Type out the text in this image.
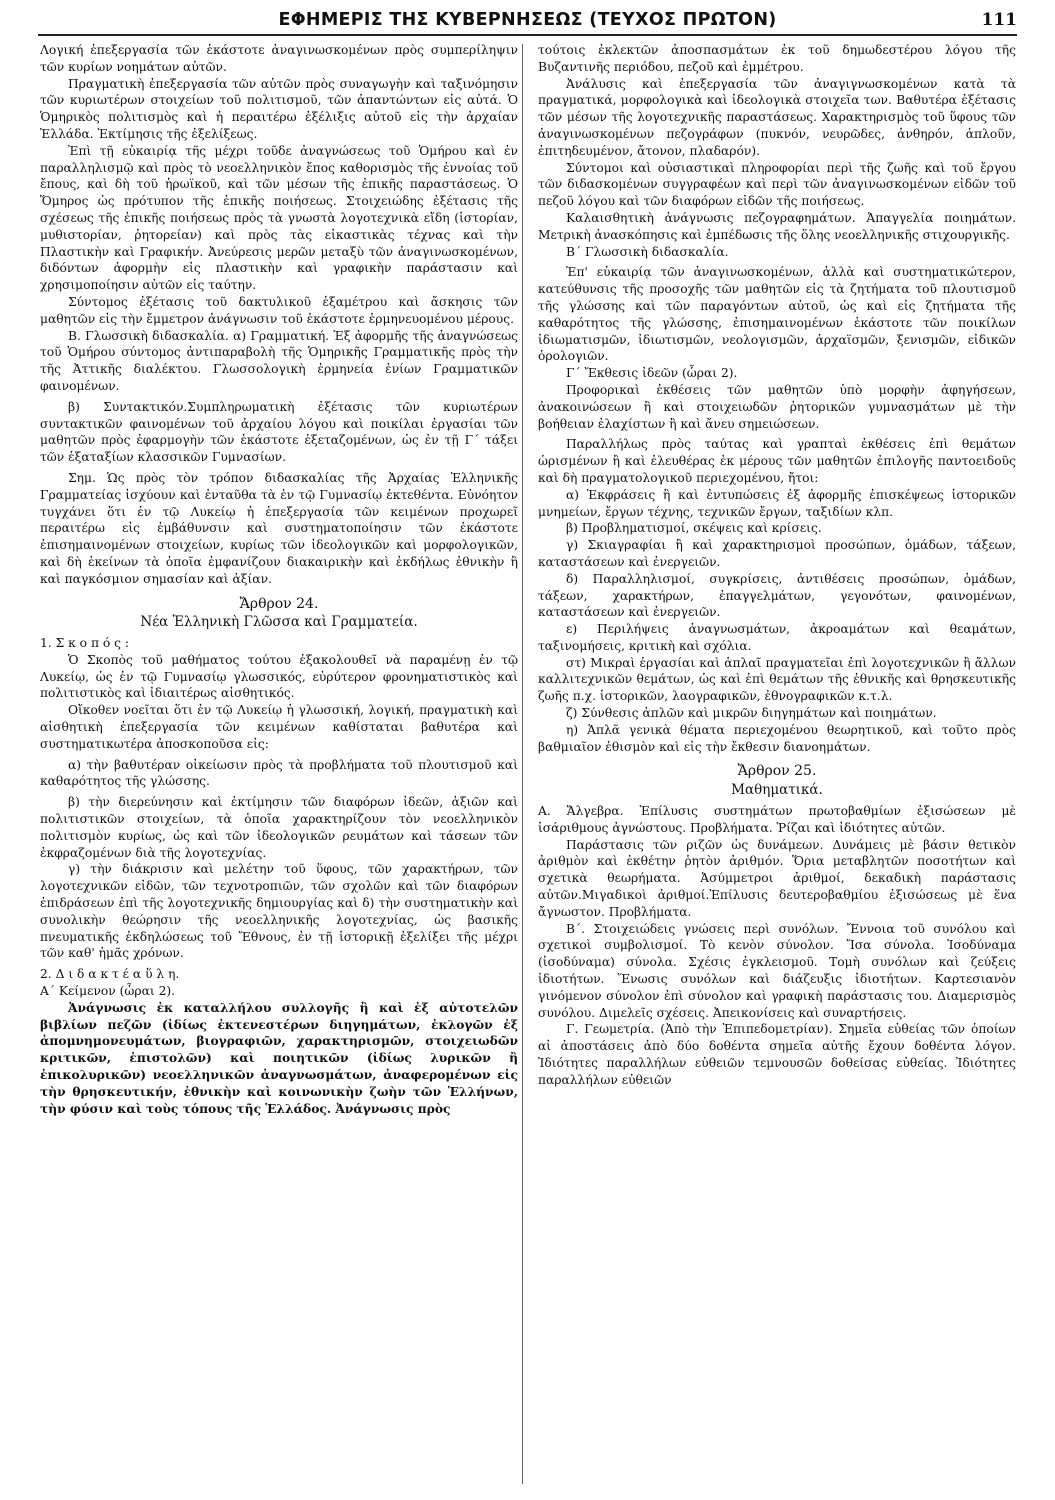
ΕΦΗΜΕΡΙΣ ΤΗΣ ΚΥΒΕΡΝΗΣΕΩΣ (ΤΕΥΧΟΣ ΠΡΩΤΟΝ)	111

Λογική ἐπεξεργασία τῶν ἑκάστοτε ἀναγινωσκομένων πρὸς συμπερίληψιν τῶν κυρίων νοημάτων αὐτῶν.

Πραγματικὴ ἐπεξεργασία τῶν αὐτῶν πρὸς συναγωγὴν καὶ ταξινόμησιν τῶν κυριωτέρων στοιχείων τοῦ πολιτισμοῦ, τῶν ἀπαντώντων εἰς αὐτά. Ὁ Ὁμηρικὸς πολιτισμὸς καὶ ἡ περαιτέρω ἐξέλιξις αὐτοῦ εἰς τὴν ἀρχαίαν Ἑλλάδα. Ἐκτίμησις τῆς ἐξελίξεως.

Ἐπὶ τῇ εὐκαιρίᾳ τῆς μέχρι τοῦδε ἀναγνώσεως τοῦ Ὁμήρου καὶ ἐν παραλληλισμῷ καὶ πρὸς τὸ νεοελληνικὸν ἔπος καθορισμὸς τῆς ἐννοίας τοῦ ἔπους, καὶ δὴ τοῦ ἡρωϊκοῦ, καὶ τῶν μέσων τῆς ἐπικῆς παραστάσεως. Ὁ Ὅμηρος ὡς πρότυπον τῆς ἐπικῆς ποιήσεως. Στοιχειώδης ἐξέτασις τῆς σχέσεως τῆς ἐπικῆς ποιήσεως πρὸς τὰ γνωστὰ λογοτεχνικὰ εἴδη (ἱστορίαν, μυθιστορίαν, ῥητορείαν) καὶ πρὸς τὰς εἰκαστικὰς τέχνας καὶ τὴν Πλαστικὴν καὶ Γραφικήν. Ἀνεύρεσις μερῶν μεταξὺ τῶν ἀναγινωσκομένων, διδόντων ἀφορμὴν εἰς πλαστικὴν καὶ γραφικὴν παράστασιν καὶ χρησιμοποίησιν αὐτῶν εἰς ταύτην.

Σύντομος ἐξέτασις τοῦ δακτυλικοῦ ἑξαμέτρου καὶ ἄσκησις τῶν μαθητῶν εἰς τὴν ἔμμετρον ἀνάγνωσιν τοῦ ἑκάστοτε ἑρμηνευομένου μέρους.

Β. Γλωσσικὴ διδασκαλία. α) Γραμματική. Ἐξ ἀφορμῆς τῆς ἀναγνώσεως τοῦ Ὁμήρου σύντομος ἀντιπαραβολὴ τῆς Ὁμηρικῆς Γραμματικῆς πρὸς τὴν τῆς Ἀττικῆς διαλέκτου. Γλωσσολογικὴ ἑρμηνεία ἐνίων Γραμματικῶν φαινομένων.

β) Συντακτικόν.Συμπληρωματικὴ ἐξέτασις τῶν κυριωτέρων συντακτικῶν φαινομένων τοῦ ἀρχαίου λόγου καὶ ποικίλαι ἐργασίαι τῶν μαθητῶν πρὸς ἐφαρμογὴν τῶν ἑκάστοτε ἐξεταζομένων, ὡς ἐν τῇ Γ΄ τάξει τῶν ἑξαταξίων κλασσικῶν Γυμνασίων.

Σημ. Ὡς πρὸς τὸν τρόπον διδασκαλίας τῆς Ἀρχαίας Ἑλληνικῆς Γραμματείας ἰσχύουν καὶ ἐνταῦθα τὰ ἐν τῷ Γυμνασίῳ ἐκτεθέντα. Εὐνόητον τυγχάνει ὅτι ἐν τῷ Λυκείῳ ἡ ἐπεξεργασία τῶν κειμένων προχωρεῖ περαιτέρω εἰς ἐμβάθυνσιν καὶ συστηματοποίησιν τῶν ἑκάστοτε ἐπισημαινομένων στοιχείων, κυρίως τῶν ἰδεολογικῶν καὶ μορφολογικῶν, καὶ δὴ ἐκείνων τὰ ὁποῖα ἐμφανίζουν διακαιρικὴν καὶ ἐκδήλως ἐθνικὴν ἢ καὶ παγκόσμιον σημασίαν καὶ ἀξίαν.

Ἄρθρον 24.

Νέα Ἑλληνικὴ Γλῶσσα καὶ Γραμματεία.

1. Σ κ ο π ό ς :

Ὁ Σκοπὸς τοῦ μαθήματος τούτου ἐξακολουθεῖ νὰ παραμένῃ ἐν τῷ Λυκείῳ, ὡς ἐν τῷ Γυμνασίῳ γλωσσικός, εὐρύτερον φρονηματιστικὸς καὶ πολιτιστικὸς καὶ ἰδιαιτέρως αἰσθητικός.

Οἴκοθεν νοεῖται ὅτι ἐν τῷ Λυκείῳ ἡ γλωσσική, λογική, πραγματικὴ καὶ αἰσθητικὴ ἐπεξεργασία τῶν κειμένων καθίσταται βαθυτέρα καὶ συστηματικωτέρα ἀποσκοποῦσα εἰς:

α) τὴν βαθυτέραν οἰκείωσιν πρὸς τὰ προβλήματα τοῦ πλουτισμοῦ καὶ καθαρότητος τῆς γλώσσης.

β) τὴν διερεύνησιν καὶ ἐκτίμησιν τῶν διαφόρων ἰδεῶν, ἀξιῶν καὶ πολιτιστικῶν στοιχείων, τὰ ὁποῖα χαρακτηρίζουν τὸν νεοελληνικὸν πολιτισμὸν κυρίως, ὡς καὶ τῶν ἰδεολογικῶν ρευμάτων καὶ τάσεων τῶν ἐκφραζομένων διὰ τῆς λογοτεχνίας.

γ) τὴν διάκρισιν καὶ μελέτην τοῦ ὕφους, τῶν χαρακτήρων, τῶν λογοτεχνικῶν εἰδῶν, τῶν τεχνοτροπιῶν, τῶν σχολῶν καὶ τῶν διαφόρων ἐπιδράσεων ἐπὶ τῆς λογοτεχνικῆς δημιουργίας καὶ δ) τὴν συστηματικὴν καὶ συνολικὴν θεώρησιν τῆς νεοελληνικῆς λογοτεχνίας, ὡς βασικῆς πνευματικῆς ἐκδηλώσεως τοῦ Ἔθνους, ἐν τῇ ἱστορικῇ ἐξελίξει τῆς μέχρι τῶν καθ' ἡμᾶς χρόνων.

2. Δ ι δ α κ τ έ α ὕ λ η.

Α΄ Κείμενον (ὧραι 2).

Ἀνάγνωσις ἐκ καταλλήλου συλλογῆς ἢ καὶ ἐξ αὐτοτελῶν βιβλίων πεζῶν (ἰδίως ἐκτενεστέρων διηγημάτων, ἐκλογῶν ἐξ ἀπομνημονευμάτων, βιογραφιῶν, χαρακτηρισμῶν, στοιχειωδῶν κριτικῶν, ἐπιστολῶν) καὶ ποιητικῶν (ἰδίως λυρικῶν ἢ ἐπικολυρικῶν) νεοελληνικῶν ἀναγνωσμάτων, ἀναφερομένων εἰς τὴν θρησκευτικήν, ἐθνικὴν καὶ κοινωνικὴν ζωὴν τῶν Ἑλλήνων, τὴν φύσιν καὶ τοὺς τόπους τῆς Ἑλλάδος. Ἀνάγνωσις πρὸς

τούτοις ἐκλεκτῶν ἀποσπασμάτων ἐκ τοῦ δημωδεστέρου λόγου τῆς Βυζαντινῆς περιόδου, πεζοῦ καὶ ἐμμέτρου.

Ἀνάλυσις καὶ ἐπεξεργασία τῶν ἀναγιγνωσκομένων κατὰ τὰ πραγματικά, μορφολογικὰ καὶ ἰδεολογικὰ στοιχεῖα των. Βαθυτέρα ἐξέτασις τῶν μέσων τῆς λογοτεχνικῆς παραστάσεως. Χαρακτηρισμὸς τοῦ ὕφους τῶν ἀναγινωσκομένων πεζογράφων (πυκνόν, νευρῶδες, ἀνθηρόν, ἁπλοῦν, ἐπιτηδευμένον, ἄτονον, πλαδαρόν).

Σύντομοι καὶ οὐσιαστικαὶ πληροφορίαι περὶ τῆς ζωῆς καὶ τοῦ ἔργου τῶν διδασκομένων συγγραφέων καὶ περὶ τῶν ἀναγινωσκομένων εἰδῶν τοῦ πεζοῦ λόγου καὶ τῶν διαφόρων εἰδῶν τῆς ποιήσεως.

Καλαισθητικὴ ἀνάγνωσις πεζογραφημάτων. Ἀπαγγελία ποιημάτων. Μετρικὴ ἀνασκόπησις καὶ ἐμπέδωσις τῆς ὅλης νεοελληνικῆς στιχουργικῆς.

Β΄ Γλωσσικὴ διδασκαλία.

Ἐπ' εὐκαιρίᾳ τῶν ἀναγινωσκομένων, ἀλλὰ καὶ συστηματικώτερον, κατεύθυνσις τῆς προσοχῆς τῶν μαθητῶν εἰς τὰ ζητήματα τοῦ πλουτισμοῦ τῆς γλώσσης καὶ τῶν παραγόντων αὐτοῦ, ὡς καὶ εἰς ζητήματα τῆς καθαρότητος τῆς γλώσσης, ἐπισημαινομένων ἑκάστοτε τῶν ποικίλων ἰδιωματισμῶν, ἰδιωτισμῶν, νεολογισμῶν, ἀρχαϊσμῶν, ξενισμῶν, εἰδικῶν ὁρολογιῶν.

Γ΄ Ἔκθεσις ἰδεῶν (ὧραι 2).

Προφορικαὶ ἐκθέσεις τῶν μαθητῶν ὑπὸ μορφὴν ἀφηγήσεων, ἀνακοινώσεων ἢ καὶ στοιχειωδῶν ῥητορικῶν γυμνασμάτων μὲ τὴν βοήθειαν ἐλαχίστων ἢ καὶ ἄνευ σημειώσεων.

Παραλλήλως πρὸς ταύτας καὶ γραπταὶ ἐκθέσεις ἐπὶ θεμάτων ὡρισμένων ἢ καὶ ἐλευθέρας ἐκ μέρους τῶν μαθητῶν ἐπιλογῆς παντοειδοῦς καὶ δὴ πραγματολογικοῦ περιεχομένου, ἤτοι:

α) Ἐκφράσεις ἢ καὶ ἐντυπώσεις ἐξ ἀφορμῆς ἐπισκέψεως ἱστορικῶν μνημείων, ἔργων τέχνης, τεχνικῶν ἔργων, ταξιδίων κλπ.

β) Προβληματισμοί, σκέψεις καὶ κρίσεις.

γ) Σκιαγραφίαι ἢ καὶ χαρακτηρισμοὶ προσώπων, ὁμάδων, τάξεων, καταστάσεων καὶ ἐνεργειῶν.

δ) Παραλληλισμοί, συγκρίσεις, ἀντιθέσεις προσώπων, ὁμάδων, τάξεων, χαρακτήρων, ἐπαγγελμάτων, γεγονότων, φαινομένων, καταστάσεων καὶ ἐνεργειῶν.

ε) Περιλήψεις ἀναγνωσμάτων, ἀκροαμάτων καὶ θεαμάτων, ταξινομήσεις, κριτικὴ καὶ σχόλια.

στ) Μικραὶ ἐργασίαι καὶ ἁπλαῖ πραγματεῖαι ἐπὶ λογοτεχνικῶν ἢ ἄλλων καλλιτεχνικῶν θεμάτων, ὡς καὶ ἐπὶ θεμάτων τῆς ἐθνικῆς καὶ θρησκευτικῆς ζωῆς π.χ. ἱστορικῶν, λαογραφικῶν, ἐθνογραφικῶν κ.τ.λ.

ζ) Σύνθεσις ἁπλῶν καὶ μικρῶν διηγημάτων καὶ ποιημάτων.

η) Ἁπλᾶ γενικὰ θέματα περιεχομένου θεωρητικοῦ, καὶ τοῦτο πρὸς βαθμιαῖον ἐθισμὸν καὶ εἰς τὴν ἔκθεσιν διανοημάτων.

Ἄρθρον 25.

Μαθηματικά.

Α. Ἄλγεβρα. Ἐπίλυσις συστημάτων πρωτοβαθμίων ἐξισώσεων μὲ ἰσάριθμους ἀγνώστους. Προβλήματα. Ῥίζαι καὶ ἰδιότητες αὐτῶν.

Παράστασις τῶν ριζῶν ὡς δυνάμεων. Δυνάμεις μὲ βάσιν θετικὸν ἀριθμὸν καὶ ἐκθέτην ῥητὸν ἀριθμόν. Ὅρια μεταβλητῶν ποσοτήτων καὶ σχετικὰ θεωρήματα. Ἀσύμμετροι ἀριθμοί, δεκαδικὴ παράστασις αὐτῶν.Μιγαδικοὶ ἀριθμοί.Ἐπίλυσις δευτεροβαθμίου ἐξισώσεως μὲ ἕνα ἄγνωστον. Προβλήματα.

Β΄. Στοιχειώδεις γνώσεις περὶ συνόλων. Ἔννοια τοῦ συνόλου καὶ σχετικοὶ συμβολισμοί. Τὸ κενὸν σύνολον. Ἴσα σύνολα. Ἰσοδύναμα (ἰσοδύναμα) σύνολα. Σχέσις ἐγκλεισμοῦ. Τομὴ συνόλων καὶ ζεύξεις ἰδιοτήτων. Ἕνωσις συνόλων καὶ διάζευξις ἰδιοτήτων. Καρτεσιανὸν γινόμενον σύνολον ἐπὶ σύνολον καὶ γραφικὴ παράστασις του. Διαμερισμὸς συνόλου. Διμελεῖς σχέσεις. Ἀπεικονίσεις καὶ συναρτήσεις.

Γ. Γεωμετρία. (Ἀπὸ τὴν Ἐπιπεδομετρίαν). Σημεῖα εὐθείας τῶν ὁποίων αἱ ἀποστάσεις ἀπὸ δύο δοθέντα σημεῖα αὐτῆς ἔχουν δοθέντα λόγον. Ἰδιότητες παραλλήλων εὐθειῶν τεμνουσῶν δοθείσας εὐθείας. Ἰδιότητες παραλλήλων εὐθειῶν
